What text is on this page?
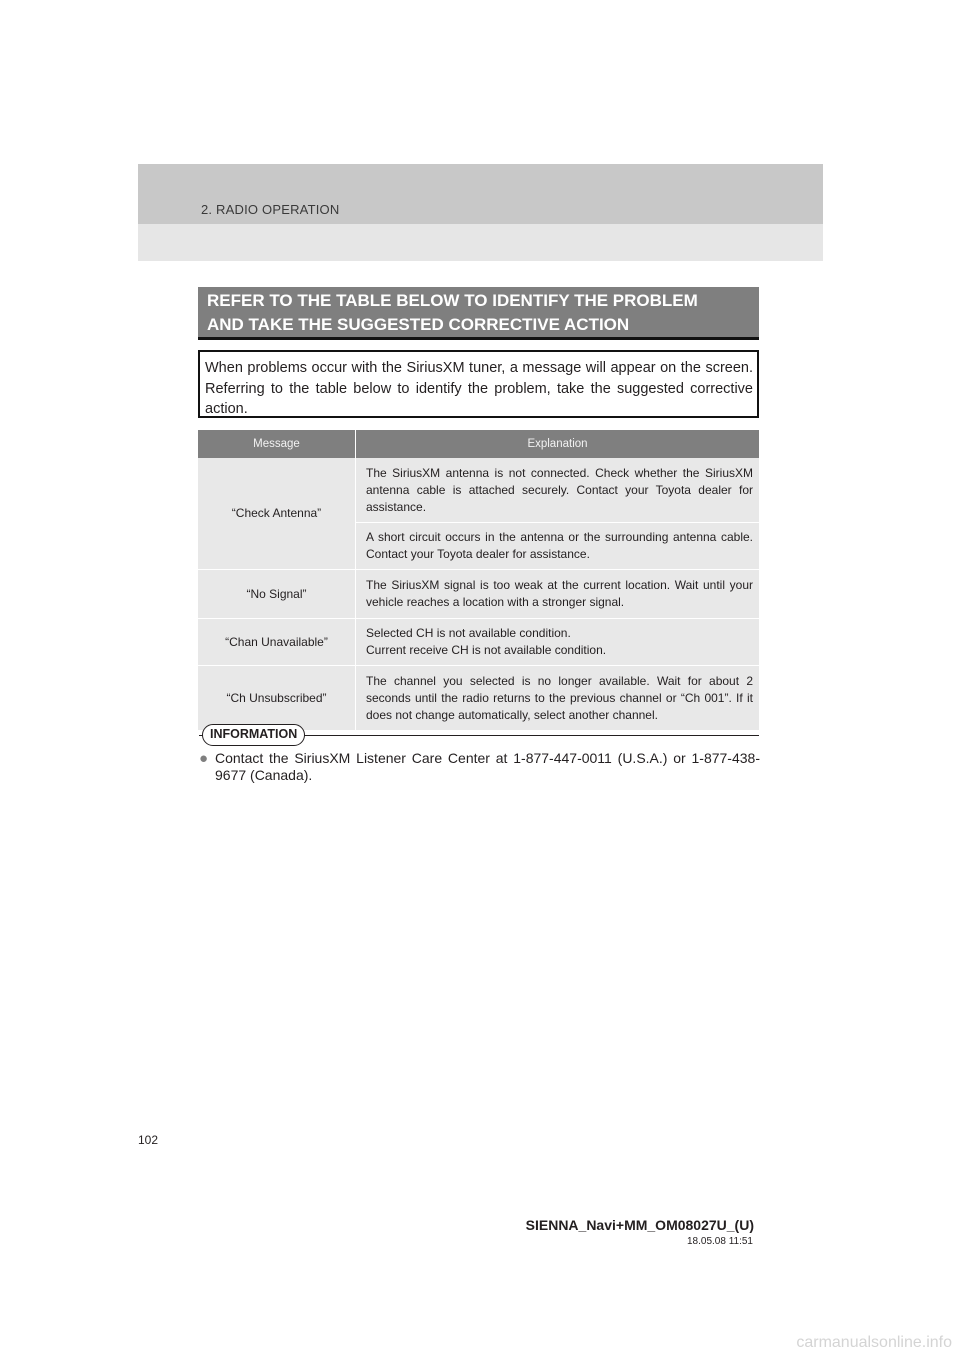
2. RADIO OPERATION
REFER TO THE TABLE BELOW TO IDENTIFY THE PROBLEM
AND TAKE THE SUGGESTED CORRECTIVE ACTION
When problems occur with the SiriusXM tuner, a message will appear on the screen. Referring to the table below to identify the problem, take the suggested corrective action.
Message	Explanation
“Check Antenna”	The SiriusXM antenna is not connected. Check whether the SiriusXM antenna cable is attached securely. Contact your Toyota dealer for assistance.
	A short circuit occurs in the antenna or the surrounding antenna cable. Contact your Toyota dealer for assistance.
“No Signal”	The SiriusXM signal is too weak at the current location. Wait until your vehicle reaches a location with a stronger signal.
“Chan Unavailable”	Selected CH is not available condition.
Current receive CH is not available condition.
“Ch Unsubscribed”	The channel you selected is no longer available. Wait for about 2 seconds until the radio returns to the previous channel or “Ch 001”. If it does not change automatically, select another channel.
INFORMATION
● Contact the SiriusXM Listener Care Center at 1-877-447-0011 (U.S.A.) or 1-877-438-9677 (Canada).
102
SIENNA_Navi+MM_OM08027U_(U)
18.05.08 11:51
carmanualsonline.info
